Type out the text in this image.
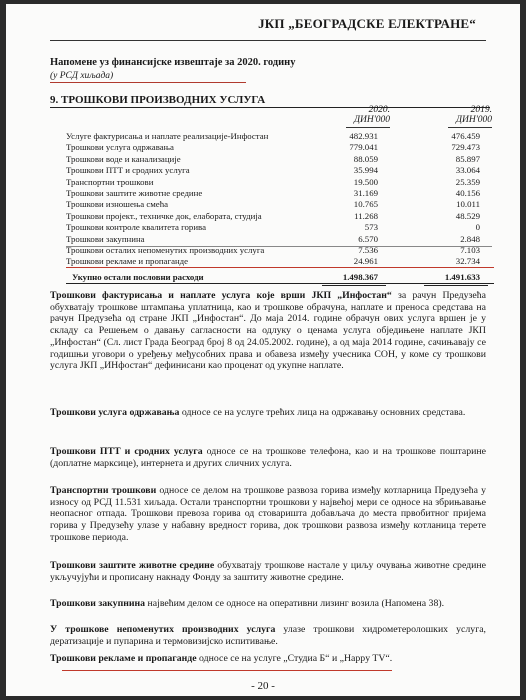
ЈКП „БЕОГРАДСКЕ ЕЛЕКТРАНЕ“
Напомене уз финансијске извештаје за 2020. годину
(у РСД хиљада)
9. ТРОШКОВИ ПРОИЗВОДНИХ УСЛУГА
2020.
ДИН'000
2019.
ДИН'000
Услуге фактурисања и наплате реализације-Инфостан	482.931	476.459
Трошкови услуга одржавања	779.041	729.473
Трошкови воде и канализације	88.059	85.897
Трошкови ПТТ и сродних услуга	35.994	33.064
Транспортни трошкови	19.500	25.359
Трошкови заштите животне средине	31.169	40.156
Трошкови изношења смећа	10.765	10.011
Трошкови пројект., техничке док, елабората, студија	11.268	48.529
Трошкови контроле квалитета горива	573	0
Трошкови закупнина	6.570	2.848
Трошкови осталих непоменутих производних услуга	7.536	7.103
Трошкови рекламе и пропаганде	24.961	32.734
Укупно остали пословни расходи	1.498.367	1.491.633
Трошкови фактурисања и наплате услуга које врши ЈКП „Инфостан“ за рачун Предузећа обухватају трошкове штампања уплатница, као и трошкове обрачуна, наплате и преноса средстава на рачун Предузећа од стране ЈКП „Инфостан“. До маја 2014. године обрачун ових услуга вршен је у складу са Решењем о давању сагласности на одлуку о ценама услуга обједињене наплате ЈКП „Инфостан“ (Сл. лист Града Београд број 8 од 24.05.2002. године), а од маја 2014 године, сачињавају се годишњи уговори о уређењу међусобних права и обавеза између учесника СОН, у коме су трошкови услуга ЈКП „ИНфостан“ дефинисани као проценат од укупне наплате.
Трошкови услуга одржавања односе се на услуге трећих лица на одржавању основних средстава.
Трошкови ПТТ и сродних услуга односе се на трошкове телефона, као и на трошкове поштарине (доплатне марксице), интернета и других сличних услуга.
Транспортни трошкови односе се делом на трошкове развоза горива између котларница Предузећа у износу од РСД 11.531 хиљада. Остали транспортни трошкови у највећој мери се односе на збрињавање неопасног отпада. Трошкови превоза горива од стоваришта добављача до места првобитног пријема горива у Предузећу улазе у набавну вредност горива, док трошкови развоза између котланица терете трошкове периода.
Трошкови заштите животне средине обухватају трошкове настале у циљу очувања животне средине укључујући и прописану накнаду Фонду за заштиту животне средине.
Трошкови закупнина највећим делом се односе на оперативни лизинг возила (Напомена 38).
У трошкове непоменутих производних услуга улазе трошкови хидрометеролошких услуга, дератизације и пупарина и термовизијско испитивање.
Трошкови рекламе и пропаганде односе се на услуге „Студиа Б“ и „Happy TV“.
- 20 -
